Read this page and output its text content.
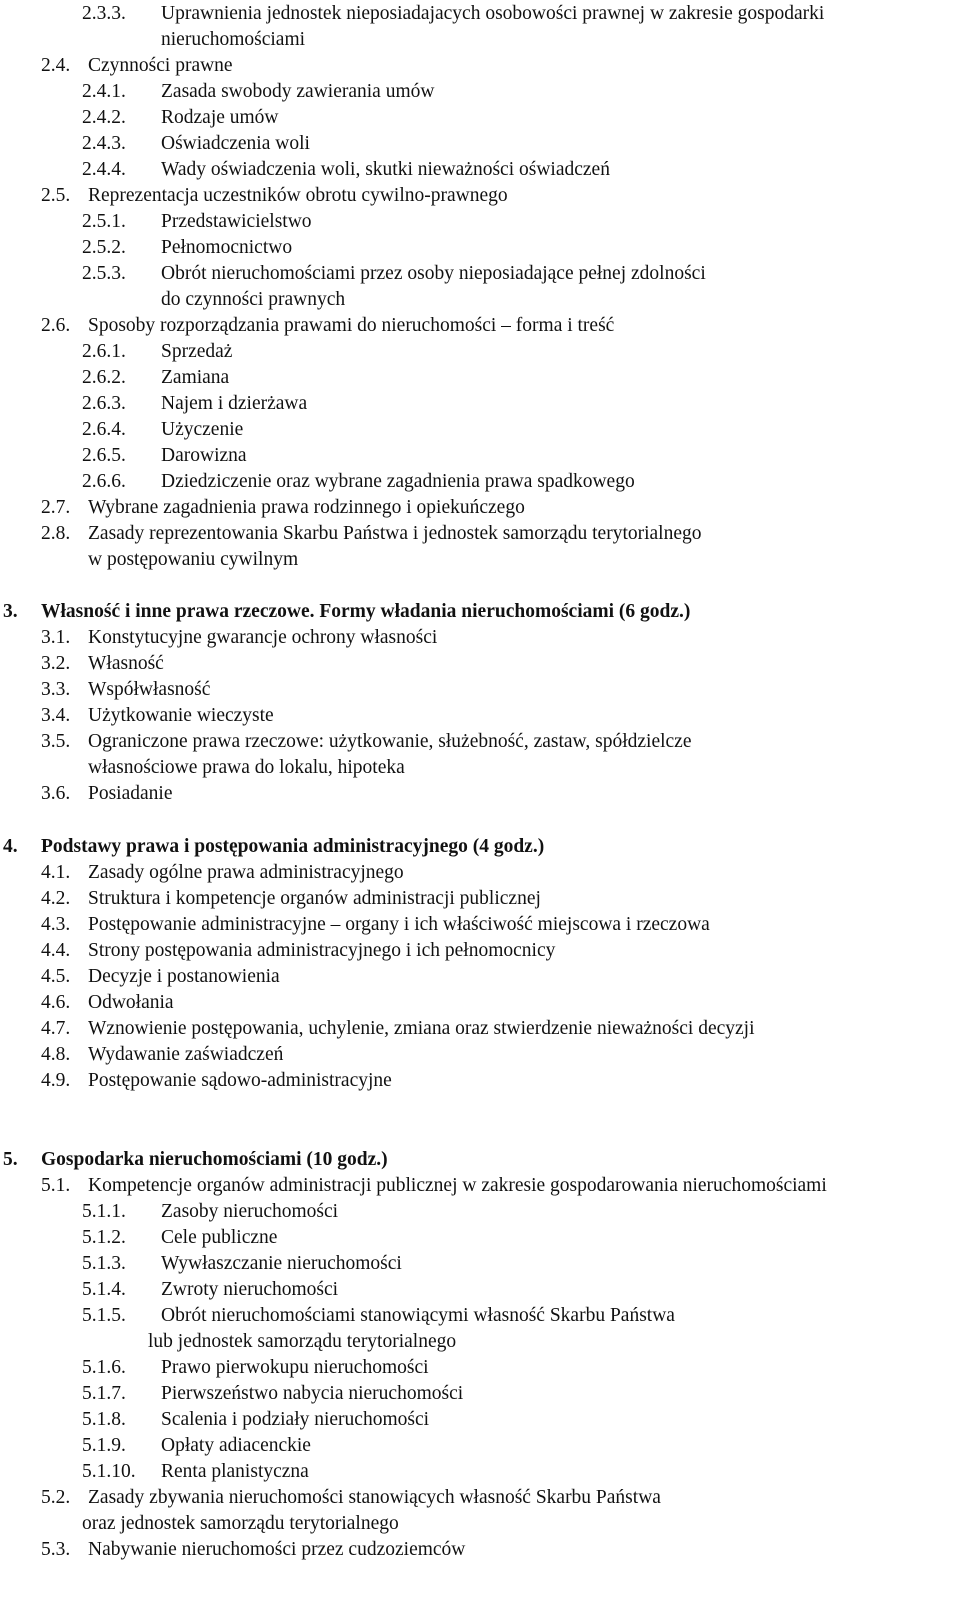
2.3.3. Uprawnienia jednostek nieposiadajacych osobowości prawnej w zakresie gospodarki
nieruchomościami
2.4. Czynności prawne
2.4.1. Zasada swobody zawierania umów
2.4.2. Rodzaje umów
2.4.3. Oświadczenia woli
2.4.4. Wady oświadczenia woli, skutki nieważności oświadczeń
2.5. Reprezentacja uczestników obrotu cywilno-prawnego
2.5.1. Przedstawicielstwo
2.5.2. Pełnomocnictwo
2.5.3. Obrót nieruchomościami przez osoby nieposiadające pełnej zdolności
do czynności prawnych
2.6. Sposoby rozporządzania prawami do nieruchomości – forma i treść
2.6.1. Sprzedaż
2.6.2. Zamiana
2.6.3. Najem i dzierżawa
2.6.4. Użyczenie
2.6.5. Darowizna
2.6.6. Dziedziczenie oraz wybrane zagadnienia prawa spadkowego
2.7. Wybrane zagadnienia prawa rodzinnego i opiekuńczego
2.8. Zasady reprezentowania Skarbu Państwa i jednostek samorządu terytorialnego
w postępowaniu cywilnym
3. Własność i inne prawa rzeczowe. Formy władania nieruchomościami (6 godz.)
3.1. Konstytucyjne gwarancje ochrony własności
3.2. Własność
3.3. Współwłasność
3.4. Użytkowanie wieczyste
3.5. Ograniczone prawa rzeczowe: użytkowanie, służebność, zastaw, spółdzielcze
własnościowe prawa do lokalu, hipoteka
3.6. Posiadanie
4. Podstawy prawa i postępowania administracyjnego (4 godz.)
4.1. Zasady ogólne prawa administracyjnego
4.2. Struktura i kompetencje organów administracji publicznej
4.3. Postępowanie administracyjne – organy i ich właściwość miejscowa i rzeczowa
4.4. Strony postępowania administracyjnego i ich pełnomocnicy
4.5. Decyzje i postanowienia
4.6. Odwołania
4.7. Wznowienie postępowania, uchylenie, zmiana oraz stwierdzenie nieważności decyzji
4.8. Wydawanie zaświadczeń
4.9. Postępowanie sądowo-administracyjne
5. Gospodarka nieruchomościami (10 godz.)
5.1. Kompetencje organów administracji publicznej w zakresie gospodarowania nieruchomościami
5.1.1. Zasoby nieruchomości
5.1.2. Cele publiczne
5.1.3. Wywłaszczanie nieruchomości
5.1.4. Zwroty nieruchomości
5.1.5. Obrót nieruchomościami stanowiącymi własność Skarbu Państwa
lub jednostek samorządu terytorialnego
5.1.6. Prawo pierwokupu nieruchomości
5.1.7. Pierwszeństwo nabycia nieruchomości
5.1.8. Scalenia i podziały nieruchomości
5.1.9. Opłaty adiacenckie
5.1.10. Renta planistyczna
5.2. Zasady zbywania nieruchomości stanowiących własność Skarbu Państwa
oraz jednostek samorządu terytorialnego
5.3. Nabywanie nieruchomości przez cudzoziemców
